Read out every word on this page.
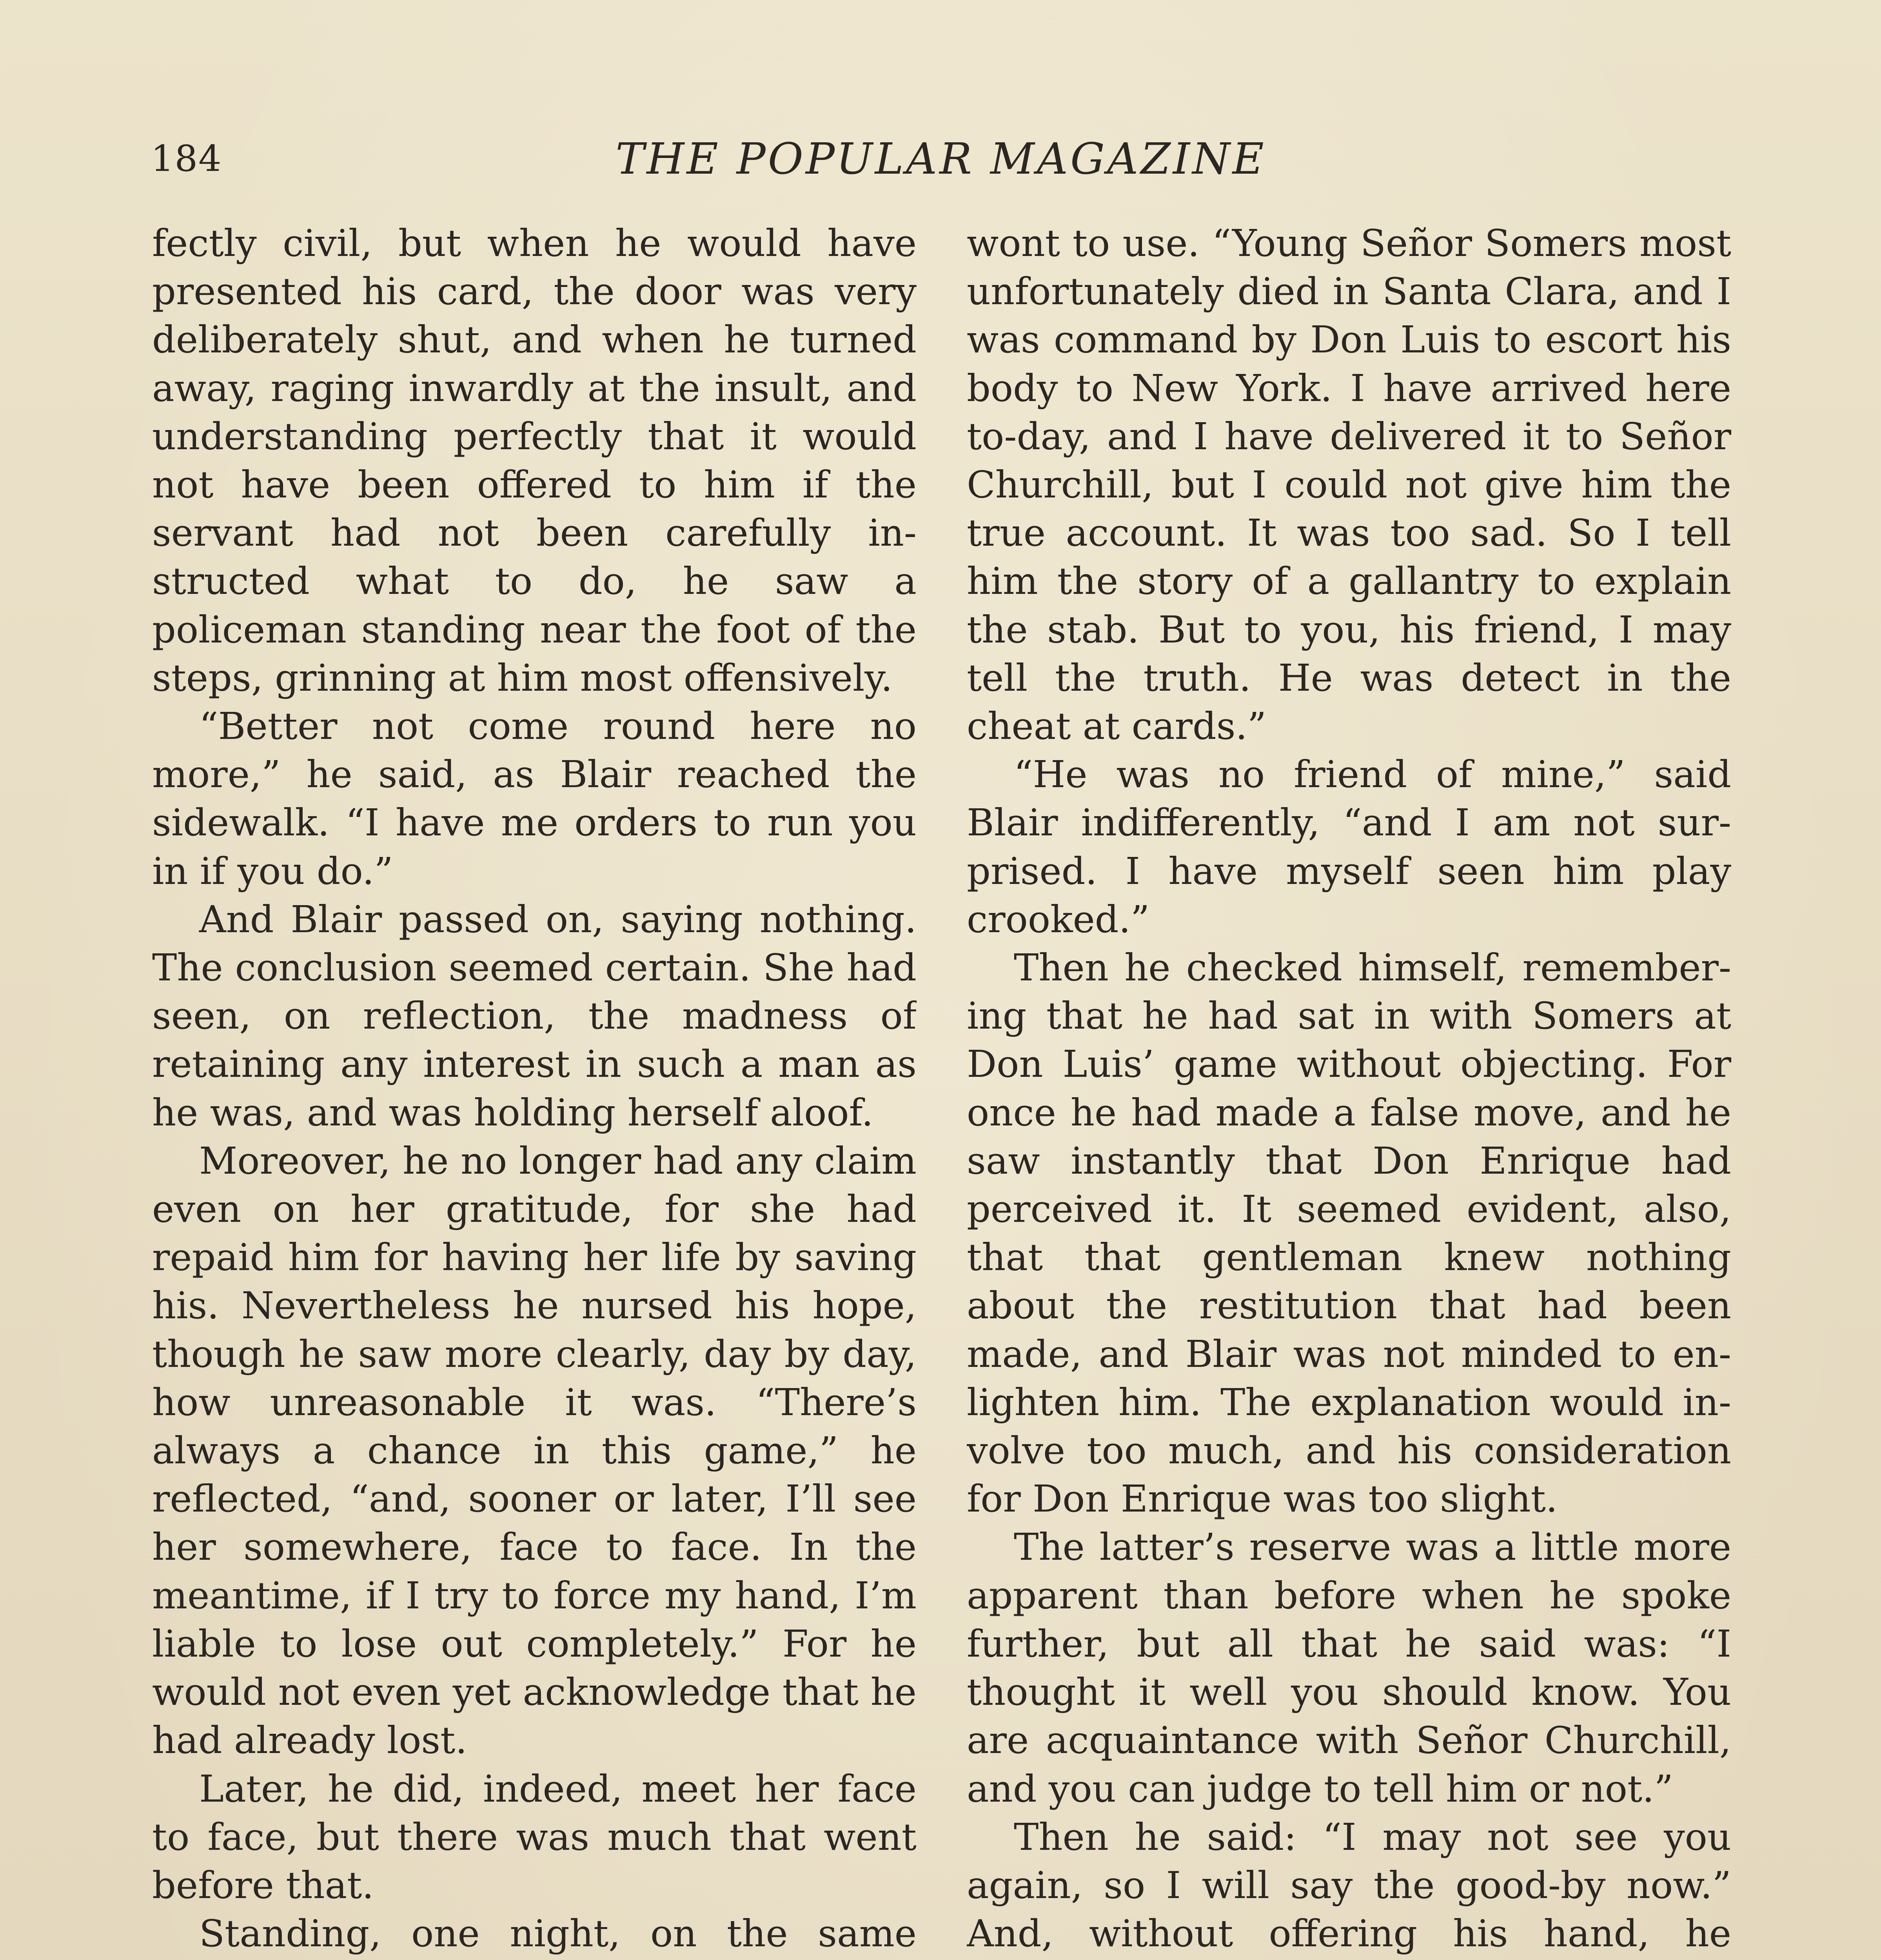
184	THE POPULAR MAGAZINE

fectly civil, but when he would have presented his card, the door was very deliberately shut, and when he turned away, raging inwardly at the insult, and understanding perfectly that it would not have been offered to him if the servant had not been carefully instructed what to do, he saw a policeman standing near the foot of the steps, grinning at him most offensively.

“Better not come round here no more,” he said, as Blair reached the sidewalk. “I have me orders to run you in if you do.”

And Blair passed on, saying nothing. The conclusion seemed certain. She had seen, on reflection, the madness of retaining any interest in such a man as he was, and was holding herself aloof.

Moreover, he no longer had any claim even on her gratitude, for she had repaid him for having her life by saving his. Nevertheless he nursed his hope, though he saw more clearly, day by day, how unreasonable it was. “There’s always a chance in this game,” he reflected, “and, sooner or later, I’ll see her somewhere, face to face. In the meantime, if I try to force my hand, I’m liable to lose out completely.” For he would not even yet acknowledge that he had already lost.

Later, he did, indeed, meet her face to face, but there was much that went before that.

Standing, one night, on the same

wont to use. “Young Señor Somers most unfortunately died in Santa Clara, and I was command by Don Luis to escort his body to New York. I have arrived here to-day, and I have delivered it to Señor Churchill, but I could not give him the true account. It was too sad. So I tell him the story of a gallantry to explain the stab. But to you, his friend, I may tell the truth. He was detect in the cheat at cards.”

“He was no friend of mine,” said Blair indifferently, “and I am not surprised. I have myself seen him play crooked.”

Then he checked himself, remembering that he had sat in with Somers at Don Luis’ game without objecting. For once he had made a false move, and he saw instantly that Don Enrique had perceived it. It seemed evident, also, that that gentleman knew nothing about the restitution that had been made, and Blair was not minded to enlighten him. The explanation would involve too much, and his consideration for Don Enrique was too slight.

The latter’s reserve was a little more apparent than before when he spoke further, but all that he said was: “I thought it well you should know. You are acquaintance with Señor Churchill, and you can judge to tell him or not.”

Then he said: “I may not see you again, so I will say the good-by now.” And, without offering his hand, he
